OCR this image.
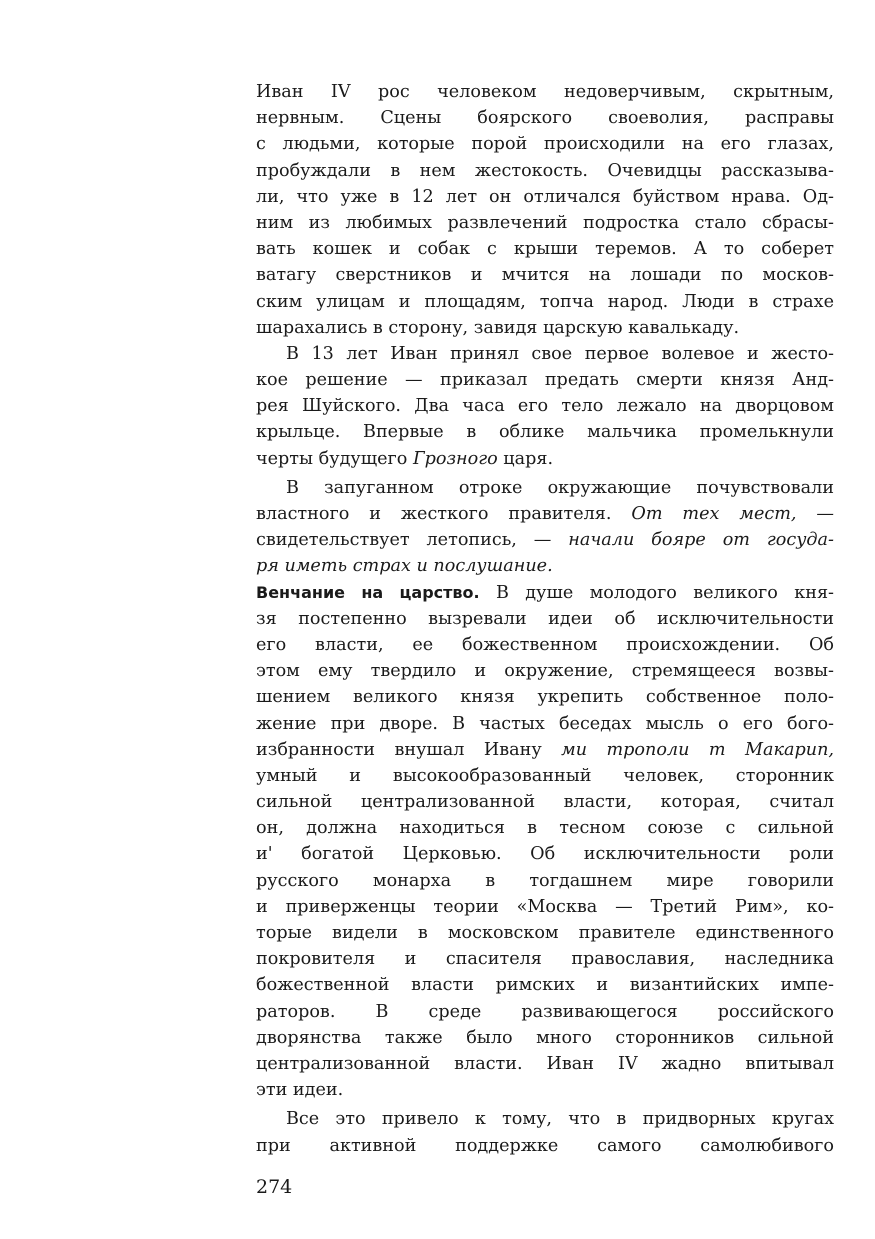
Иван IV рос человеком недоверчивым, скрытным,
нервным. Сцены боярского своеволия, расправы
с людьми, которые порой происходили на его глазах,
пробуждали в нем жестокость. Очевидцы рассказыва-
ли, что уже в 12 лет он отличался буйством нрава. Од-
ним из любимых развлечений подростка стало сбрасы-
вать кошек и собак с крыши теремов. А то соберет
ватагу сверстников и мчится на лошади по москов-
ским улицам и площадям, топча народ. Люди в страхе
шарахались в сторону, завидя царскую кавалькаду.
В 13 лет Иван принял свое первое волевое и жесто-
кое решение — приказал предать смерти князя Анд-
рея Шуйского. Два часа его тело лежало на дворцовом
крыльце. Впервые в облике мальчика промелькнули
черты будущего Грозного царя.
В запуганном отроке окружающие почувствовали
властного и жесткого правителя. От тех мест, —
свидетельствует летопись, — начали бояре от госуда-
ря иметь страх и послушание.
Венчание на царство. В душе молодого великого кня-
зя постепенно вызревали идеи об исключительности
его власти, ее божественном происхождении. Об
этом ему твердило и окружение, стремящееся возвы-
шением великого князя укрепить собственное поло-
жение при дворе. В частых беседах мысль о его бого-
избранности внушал Ивану ми трополи т Макарип,
умный и высокообразованный человек, сторонник
сильной централизованной власти, которая, считал
он, должна находиться в тесном союзе с сильной
и' богатой Церковью. Об исключительности роли
русского монарха в тогдашнем мире говорили
и приверженцы теории «Москва — Третий Рим», ко-
торые видели в московском правителе единственного
покровителя и спасителя православия, наследника
божественной власти римских и византийских импе-
раторов. В среде развивающегося российского
дворянства также было много сторонников сильной
централизованной власти. Иван IV жадно впитывал
эти идеи.
Все это привело к тому, что в придворных кругах
при активной поддержке самого самолюбивого
274
